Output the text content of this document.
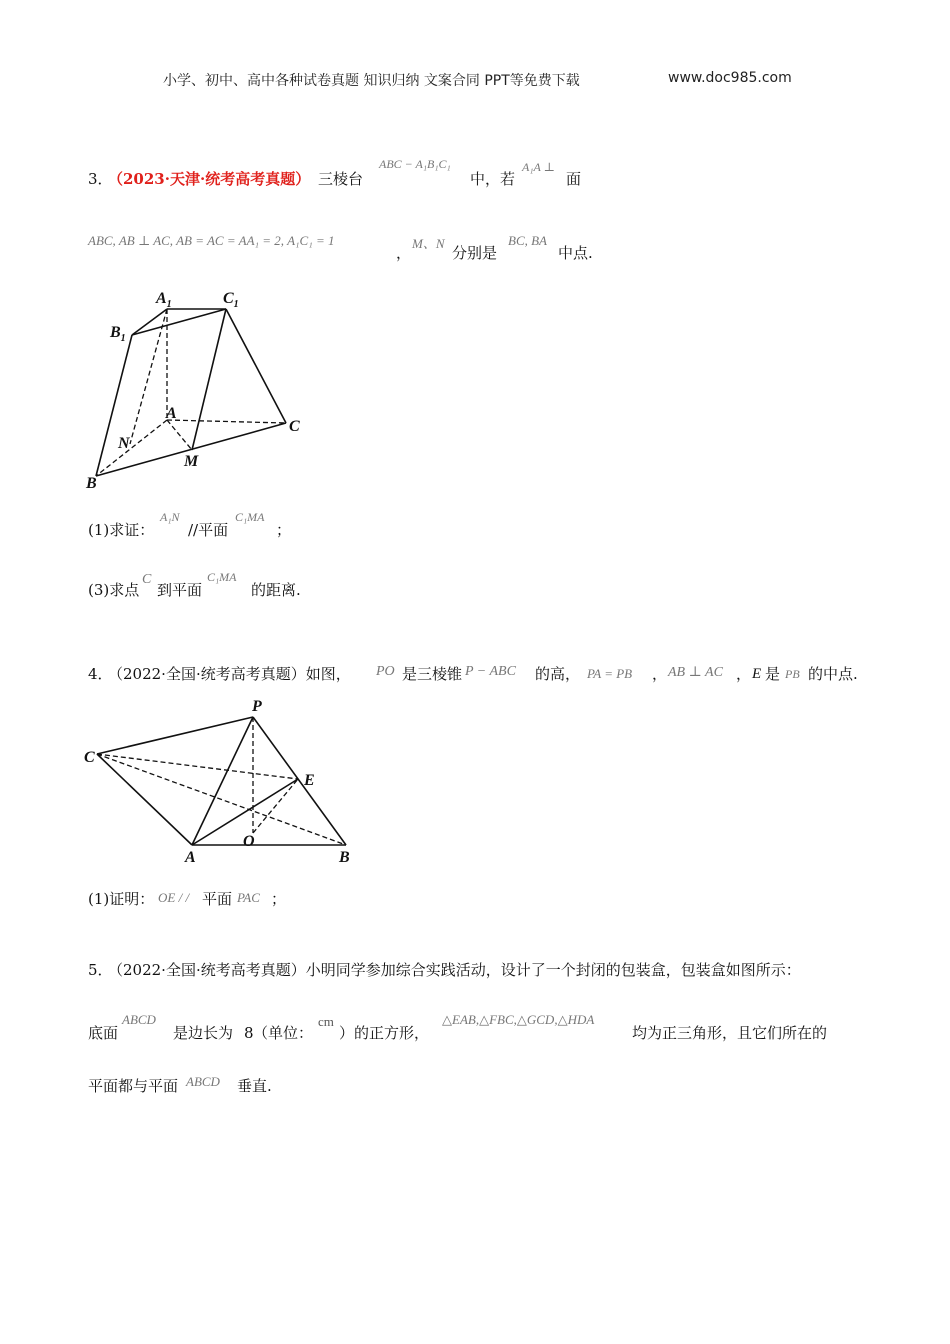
小学、初中、高中各种试卷真题 知识归纳 文案合同 PPT等免费下载	www.doc985.com
3．
（2023·天津·统考高考真题） 三棱台
ABC − A₁B₁C₁
中，若
A₁A ⊥
面
ABC, AB ⊥ AC, AB = AC = AA₁ = 2, A₁C₁ = 1
，
M、N
分别是
BC, BA
中点.
$A_1$	$C_1$
$B_1$
A
C
N
M
B
(1)求证：
A₁N
//平面
C₁MA
；
(3)求点
C
到平面
C₁MA
的距离.
4．
（2022·全国·统考高考真题）如图， PO 是三棱锥 P − ABC 的高， PA = PB ， AB ⊥ AC ， E 是 PB 的中点.
P
C
E
A
O
B
(1)证明： OE / / 平面 PAC ；
5．
（2022·全国·统考高考真题）小明同学参加综合实践活动，设计了一个封闭的包装盒，包装盒如图所示：
底面
ABCD
是边长为 8 （单位：
cm
）的正方形，
△EAB,△FBC,△GCD,△HDA
均为正三角形，且它们所在的
平面都与平面 ABCD 垂直.
